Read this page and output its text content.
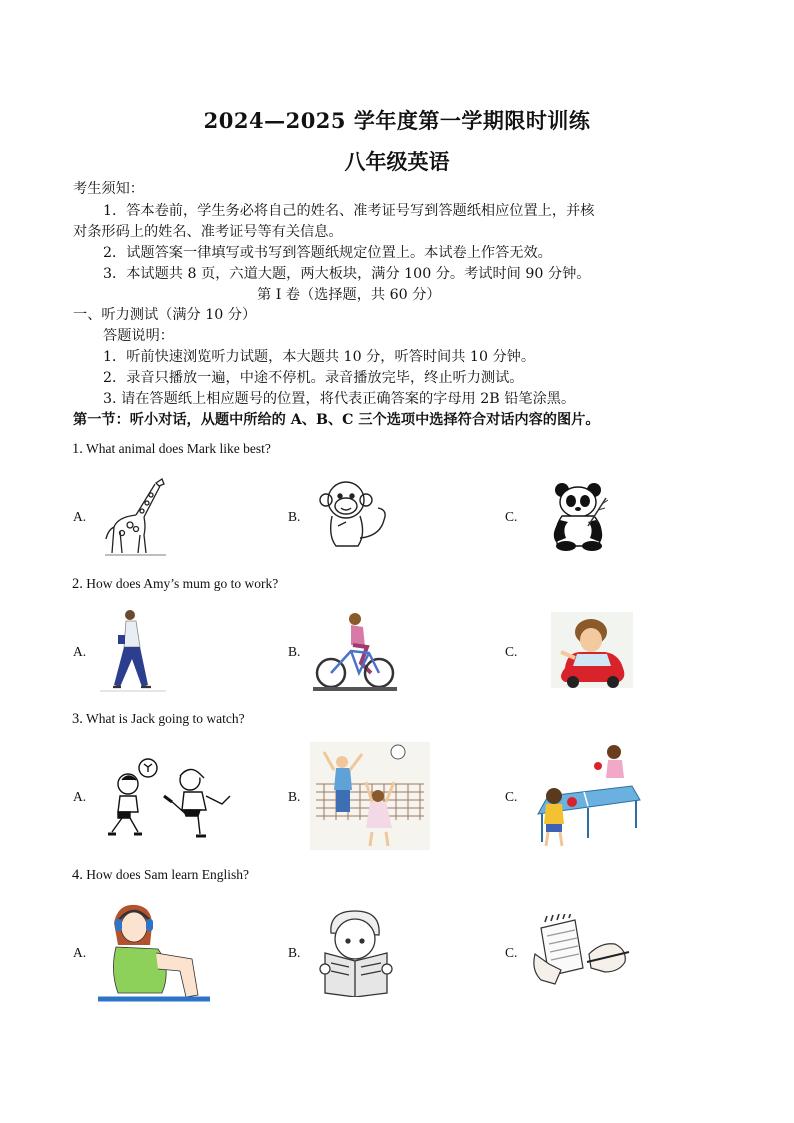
2024—2025 学年度第一学期限时训练
八年级英语
考生须知：
1．答本卷前，学生务必将自己的姓名、准考证号写到答题纸相应位置上，并核
对条形码上的姓名、准考证号等有关信息。
2．试题答案一律填写或书写到答题纸规定位置上。本试卷上作答无效。
3．本试题共 8 页，六道大题，两大板块，满分 100 分。考试时间 90 分钟。
第 I 卷（选择题，共 60 分）
一、听力测试（满分 10 分）
答题说明：
1．听前快速浏览听力试题，本大题共 10 分，听答时间共 10 分钟。
2．录音只播放一遍，中途不停机。录音播放完毕，终止听力测试。
3. 请在答题纸上相应题号的位置，将代表正确答案的字母用 2B 铅笔涂黑。
第一节：听小对话，从题中所给的 A、B、C 三个选项中选择符合对话内容的图片。
1. What animal does Mark like best?
A.	B.	C.
2. How does Amy’s mum go to work?
A.	B.	C.
3. What is Jack going to watch?
A.	B.	C.
4. How does Sam learn English?
A.	B.	C.
